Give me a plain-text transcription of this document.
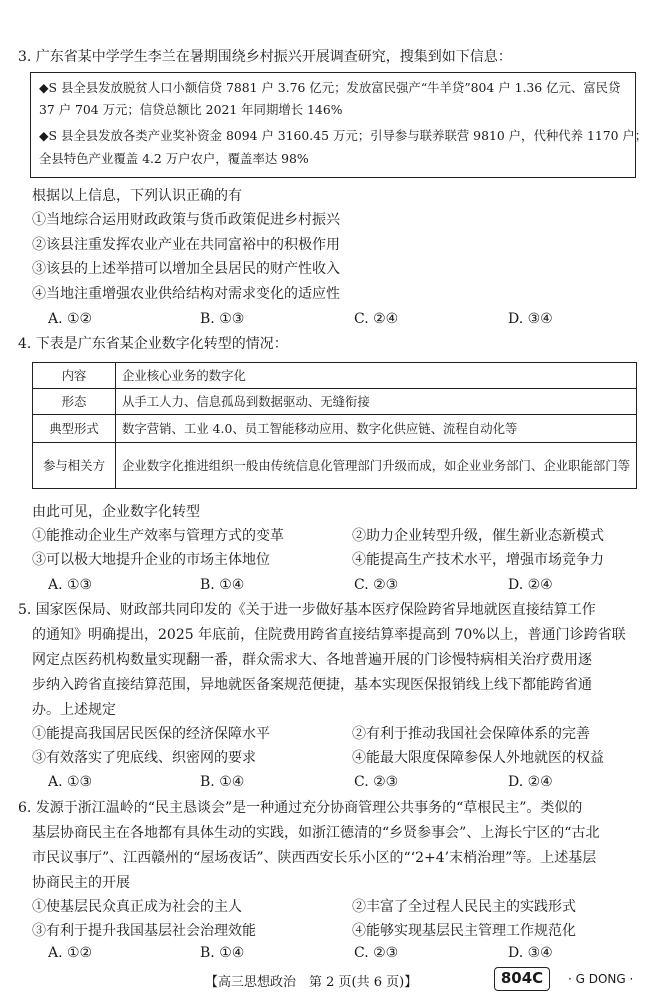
3. 广东省某中学学生李兰在暑期围绕乡村振兴开展调查研究，搜集到如下信息：
◆S 县全县发放脱贫人口小额信贷 7881 户 3.76 亿元；发放富民强产“牛羊贷”804 户 1.36 亿元、富民贷
37 户 704 万元；信贷总额比 2021 年同期增长 146%
◆S 县全县发放各类产业奖补资金 8094 户 3160.45 万元；引导参与联养联营 9810 户，代种代养 1170 户；
全县特色产业覆盖 4.2 万户农户，覆盖率达 98%
根据以上信息，下列认识正确的有
①当地综合运用财政政策与货币政策促进乡村振兴
②该县注重发挥农业产业在共同富裕中的积极作用
③该县的上述举措可以增加全县居民的财产性收入
④当地注重增强农业供给结构对需求变化的适应性
A. ①②	B. ①③	C. ②④	D. ③④
4. 下表是广东省某企业数字化转型的情况：
内容	企业核心业务的数字化
形态	从手工人力、信息孤岛到数据驱动、无缝衔接
典型形式	数字营销、工业 4.0、员工智能移动应用、数字化供应链、流程自动化等
参与相关方	企业数字化推进组织一般由传统信息化管理部门升级而成，如企业业务部门、企业职能部门等
由此可见，企业数字化转型
①能推动企业生产效率与管理方式的变革	②助力企业转型升级，催生新业态新模式
③可以极大地提升企业的市场主体地位	④能提高生产技术水平，增强市场竞争力
A. ①③	B. ①④	C. ②③	D. ②④
5. 国家医保局、财政部共同印发的《关于进一步做好基本医疗保险跨省异地就医直接结算工作
的通知》明确提出，2025 年底前，住院费用跨省直接结算率提高到 70%以上，普通门诊跨省联
网定点医药机构数量实现翻一番，群众需求大、各地普遍开展的门诊慢特病相关治疗费用逐
步纳入跨省直接结算范围，异地就医备案规范便捷，基本实现医保报销线上线下都能跨省通
办。上述规定
①能提高我国居民医保的经济保障水平	②有利于推动我国社会保障体系的完善
③有效落实了兜底线、织密网的要求	④能最大限度保障参保人外地就医的权益
A. ①③	B. ①④	C. ②③	D. ②④
6. 发源于浙江温岭的“民主恳谈会”是一种通过充分协商管理公共事务的“草根民主”。类似的
基层协商民主在各地都有具体生动的实践，如浙江德清的“乡贤参事会”、上海长宁区的“古北
市民议事厅”、江西赣州的“屋场夜话”、陕西西安长乐小区的“‘2+4’末梢治理”等。上述基层
协商民主的开展
①使基层民众真正成为社会的主人	②丰富了全过程人民民主的实践形式
③有利于提升我国基层社会治理效能	④能够实现基层民主管理工作规范化
A. ①②	B. ①④	C. ②③	D. ③④
【高三思想政治　第 2 页(共 6 页)】	804C	· G DONG ·
